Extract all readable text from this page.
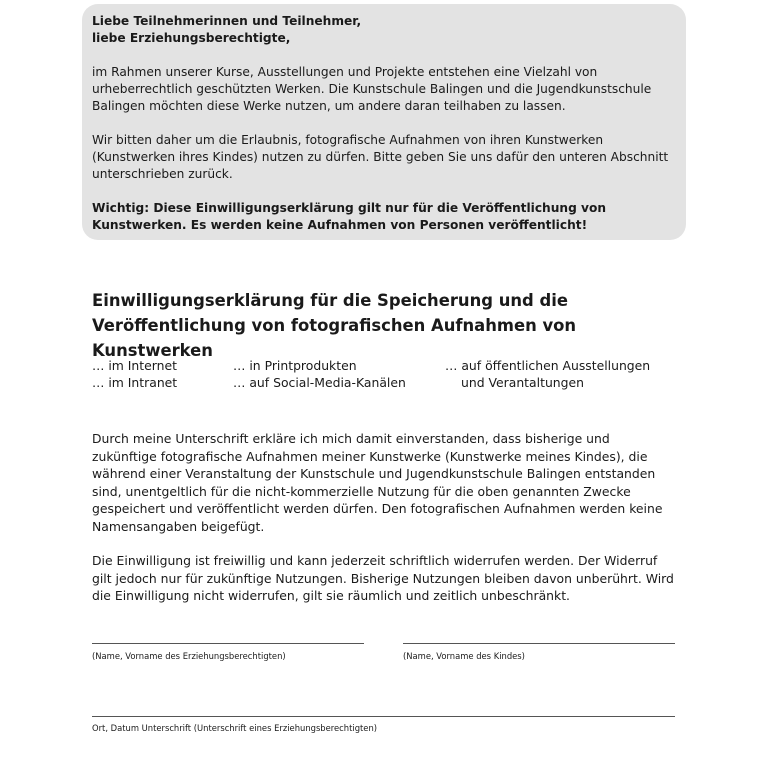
Liebe Teilnehmerinnen und Teilnehmer,
liebe Erziehungsberechtigte,

im Rahmen unserer Kurse, Ausstellungen und Projekte entstehen eine Vielzahl von urheberrechtlich geschützten Werken. Die Kunstschule Balingen und die Jugendkunstschule Balingen möchten diese Werke nutzen, um andere daran teilhaben zu lassen.

Wir bitten daher um die Erlaubnis, fotografische Aufnahmen von ihren Kunstwerken (Kunstwerken ihres Kindes) nutzen zu dürfen. Bitte geben Sie uns dafür den unteren Abschnitt unterschrieben zurück.

Wichtig: Diese Einwilligungserklärung gilt nur für die Veröffentlichung von Kunstwerken. Es werden keine Aufnahmen von Personen veröffentlicht!

Einwilligungserklärung für die Speicherung und die
Veröffentlichung von fotografischen Aufnahmen von Kunstwerken
… im Internet
… im Intranet
… in Printprodukten
… auf Social-Media-Kanälen
… auf öffentlichen Ausstellungen
und Verantaltungen

Durch meine Unterschrift erkläre ich mich damit einverstanden, dass bisherige und zukünftige fotografische Aufnahmen meiner Kunstwerke (Kunstwerke meines Kindes), die während einer Veranstaltung der Kunstschule und Jugendkunstschule Balingen entstanden sind, unentgeltlich für die nicht-kommerzielle Nutzung für die oben genannten Zwecke gespeichert und veröffentlicht werden dürfen. Den fotografischen Aufnahmen werden keine Namensangaben beigefügt.

Die Einwilligung ist freiwillig und kann jederzeit schriftlich widerrufen werden. Der Widerruf gilt jedoch nur für zukünftige Nutzungen. Bisherige Nutzungen bleiben davon unberührt. Wird die Einwilligung nicht widerrufen, gilt sie räumlich und zeitlich unbeschränkt.

(Name, Vorname des Erziehungsberechtigten)	(Name, Vorname des Kindes)
Ort, Datum Unterschrift (Unterschrift eines Erziehungsberechtigten)
